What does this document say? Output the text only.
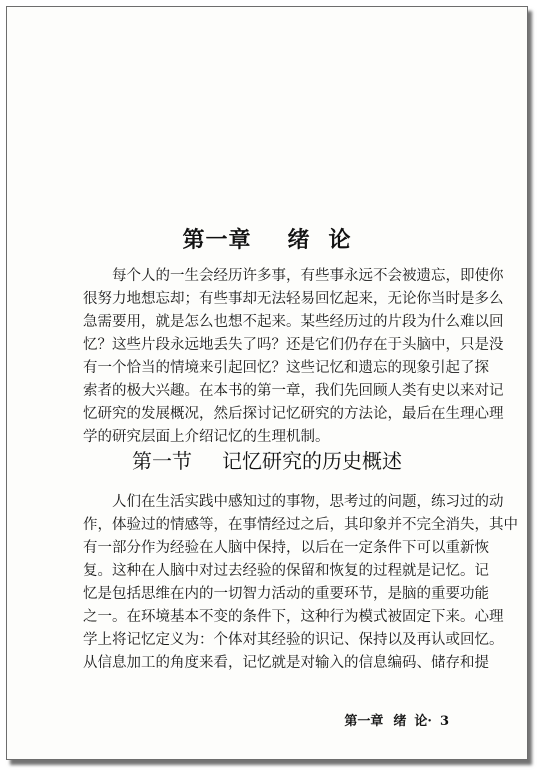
第一章 绪 论
每个人的一生会经历许多事，有些事永远不会被遗忘，即使你
很努力地想忘却；有些事却无法轻易回忆起来，无论你当时是多么
急需要用，就是怎么也想不起来。某些经历过的片段为什么难以回
忆？这些片段永远地丢失了吗？还是它们仍存在于头脑中，只是没
有一个恰当的情境来引起回忆？这些记忆和遗忘的现象引起了探
索者的极大兴趣。在本书的第一章，我们先回顾人类有史以来对记
忆研究的发展概况，然后探讨记忆研究的方法论，最后在生理心理
学的研究层面上介绍记忆的生理机制。
第一节 记忆研究的历史概述
人们在生活实践中感知过的事物，思考过的问题，练习过的动
作，体验过的情感等，在事情经过之后，其印象并不完全消失，其中
有一部分作为经验在人脑中保持，以后在一定条件下可以重新恢
复。这种在人脑中对过去经验的保留和恢复的过程就是记忆。记
忆是包括思维在内的一切智力活动的重要环节，是脑的重要功能
之一。在环境基本不变的条件下，这种行为模式被固定下来。心理
学上将记忆定义为：个体对其经验的识记、保持以及再认或回忆。
从信息加工的角度来看，记忆就是对输入的信息编码、储存和提
第一章 绪 论· 3
